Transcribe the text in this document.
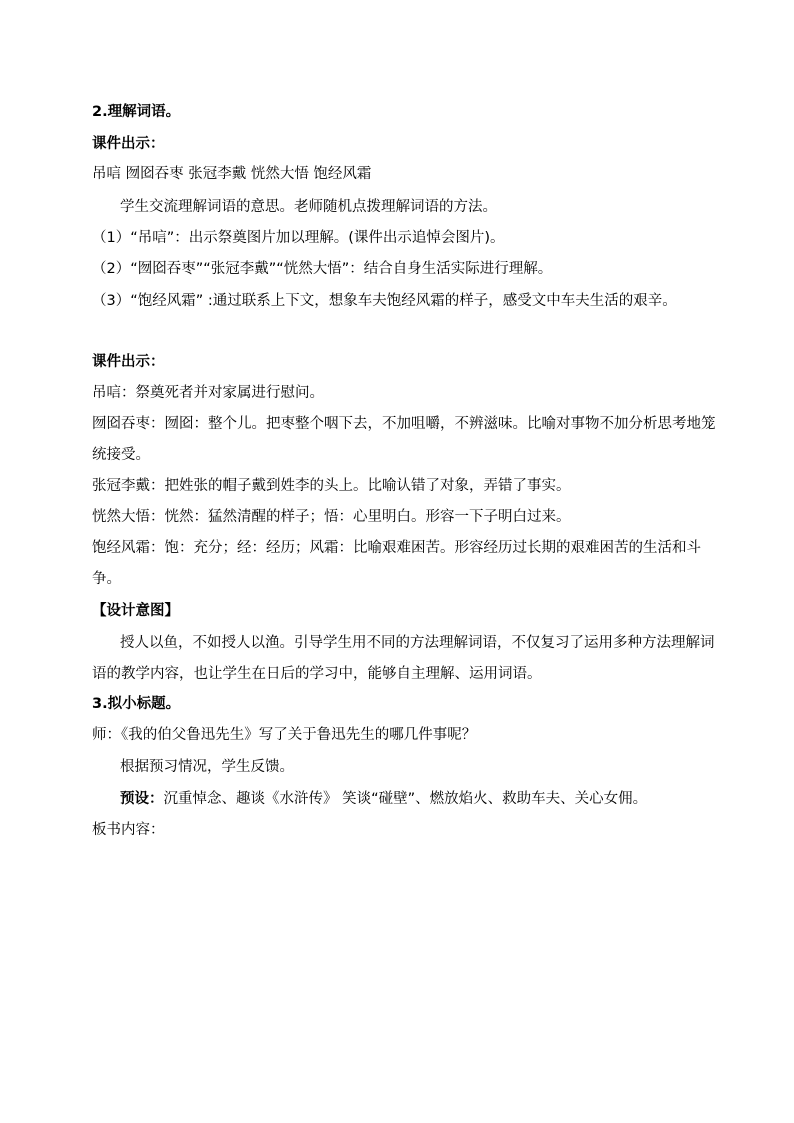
2.理解词语。
课件出示：
吊唁 囫囵吞枣 张冠李戴 恍然大悟 饱经风霜
学生交流理解词语的意思。老师随机点拨理解词语的方法。
（1）“吊唁”：出示祭奠图片加以理解。(课件出示追悼会图片)。
（2）“囫囵吞枣”“张冠李戴”“恍然大悟”：结合自身生活实际进行理解。
（3）“饱经风霜” :通过联系上下文，想象车夫饱经风霜的样子，感受文中车夫生活的艰辛。
课件出示：
吊唁：祭奠死者并对家属进行慰问。
囫囵吞枣：囫囵：整个儿。把枣整个咽下去，不加咀嚼，不辨滋味。比喻对事物不加分析思考地笼统接受。
张冠李戴：把姓张的帽子戴到姓李的头上。比喻认错了对象，弄错了事实。
恍然大悟：恍然：猛然清醒的样子；悟：心里明白。形容一下子明白过来。
饱经风霜：饱：充分；经：经历；风霜：比喻艰难困苦。形容经历过长期的艰难困苦的生活和斗争。
【设计意图】
授人以鱼，不如授人以渔。引导学生用不同的方法理解词语，不仅复习了运用多种方法理解词语的教学内容，也让学生在日后的学习中，能够自主理解、运用词语。
3.拟小标题。
师：《我的伯父鲁迅先生》写了关于鲁迅先生的哪几件事呢？
根据预习情况，学生反馈。
预设：沉重悼念、趣谈《水浒传》 笑谈“碰壁”、燃放焰火、救助车夫、关心女佣。
板书内容：
